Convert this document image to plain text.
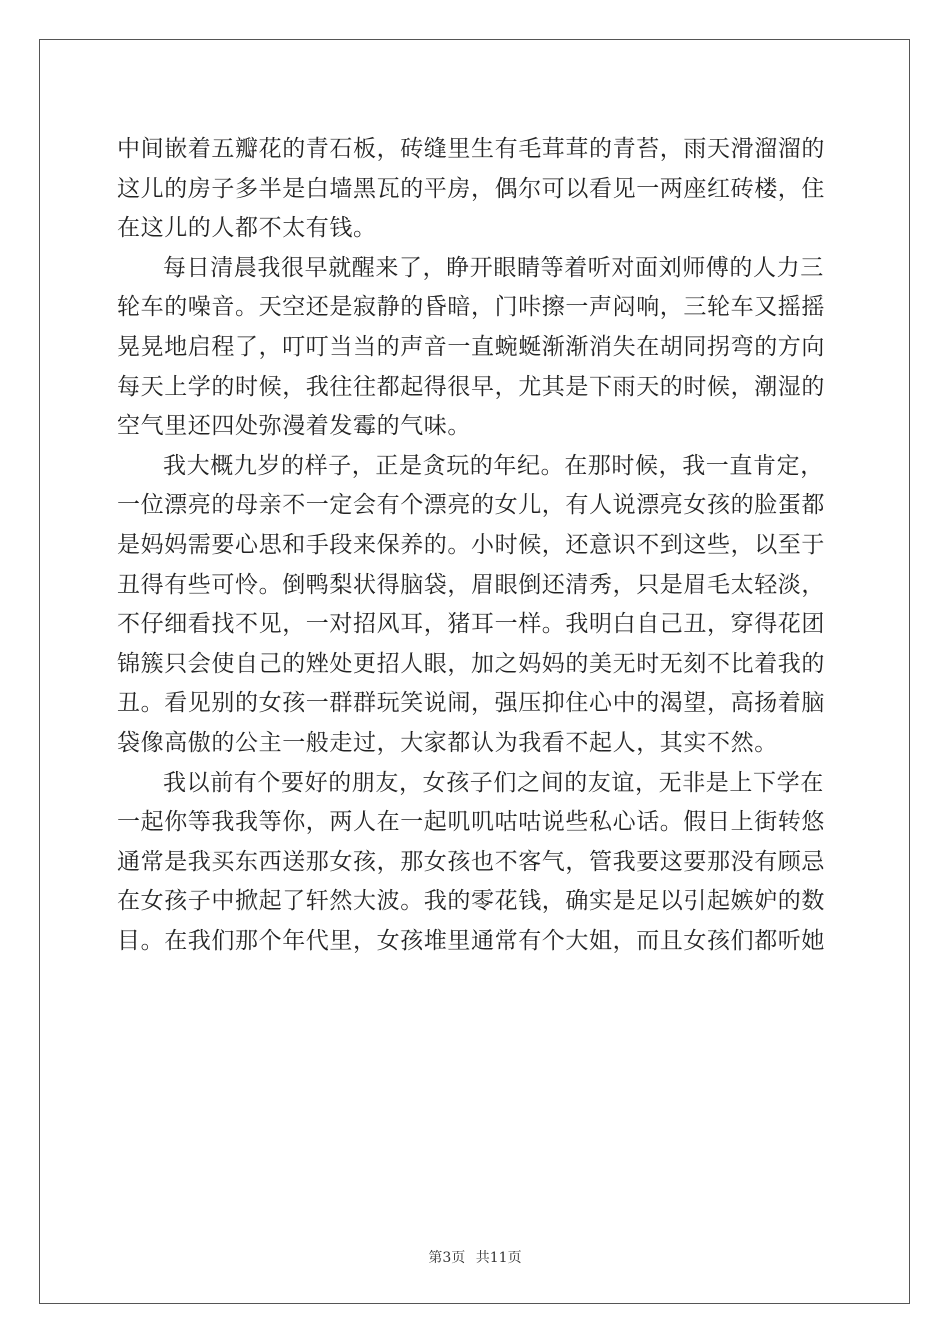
中间嵌着五瓣花的青石板，砖缝里生有毛茸茸的青苔，雨天滑溜溜的
这儿的房子多半是白墙黑瓦的平房，偶尔可以看见一两座红砖楼，住
在这儿的人都不太有钱。
每日清晨我很早就醒来了，睁开眼睛等着听对面刘师傅的人力三
轮车的噪音。天空还是寂静的昏暗，门咔擦一声闷响，三轮车又摇摇
晃晃地启程了，叮叮当当的声音一直蜿蜒渐渐消失在胡同拐弯的方向
每天上学的时候，我往往都起得很早，尤其是下雨天的时候，潮湿的
空气里还四处弥漫着发霉的气味。
我大概九岁的样子，正是贪玩的年纪。在那时候，我一直肯定，
一位漂亮的母亲不一定会有个漂亮的女儿，有人说漂亮女孩的脸蛋都
是妈妈需要心思和手段来保养的。小时候，还意识不到这些，以至于
丑得有些可怜。倒鸭梨状得脑袋，眉眼倒还清秀，只是眉毛太轻淡，
不仔细看找不见，一对招风耳，猪耳一样。我明白自己丑，穿得花团
锦簇只会使自己的矬处更招人眼，加之妈妈的美无时无刻不比着我的
丑。看见别的女孩一群群玩笑说闹，强压抑住心中的渴望，高扬着脑
袋像高傲的公主一般走过，大家都认为我看不起人，其实不然。
我以前有个要好的朋友，女孩子们之间的友谊，无非是上下学在
一起你等我我等你，两人在一起叽叽咕咕说些私心话。假日上街转悠
通常是我买东西送那女孩，那女孩也不客气，管我要这要那没有顾忌
在女孩子中掀起了轩然大波。我的零花钱，确实是足以引起嫉妒的数
目。在我们那个年代里，女孩堆里通常有个大姐，而且女孩们都听她
第3页 共11页
